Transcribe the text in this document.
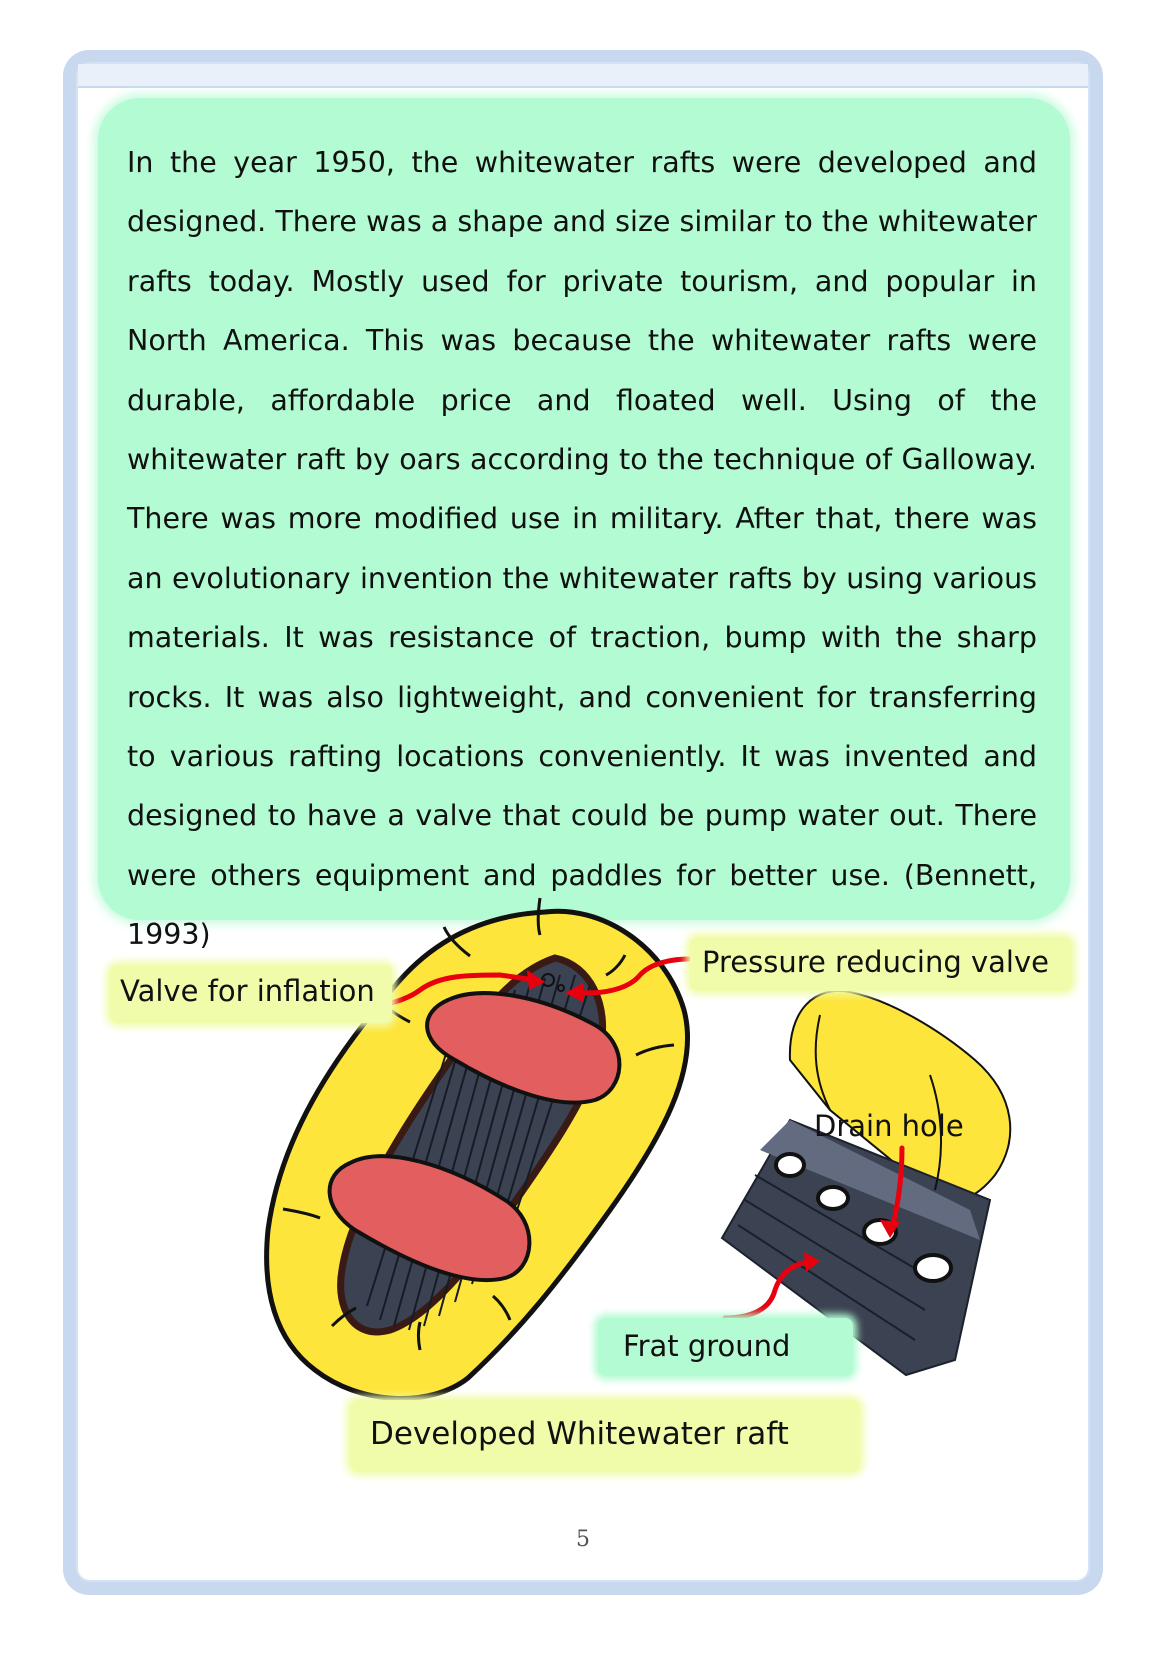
In the year 1950, the whitewater rafts were developed and designed. There was a shape and size similar to the whitewater rafts today. Mostly used for private tourism, and popular in North America. This was because the whitewater rafts were durable, affordable price and floated well. Using of the whitewater raft by oars according to the technique of Galloway. There was more modified use in military. After that, there was an evolutionary invention the whitewater rafts by using various materials. It was resistance of traction, bump with the sharp rocks. It was also lightweight, and convenient for transferring to various rafting locations conveniently. It was invented and designed to have a valve that could be pump water out. There were others equipment and paddles for better use. (Bennett, 1993)

Valve for inflation
Pressure reducing valve
Drain hole
Frat ground
Developed Whitewater raft
5
